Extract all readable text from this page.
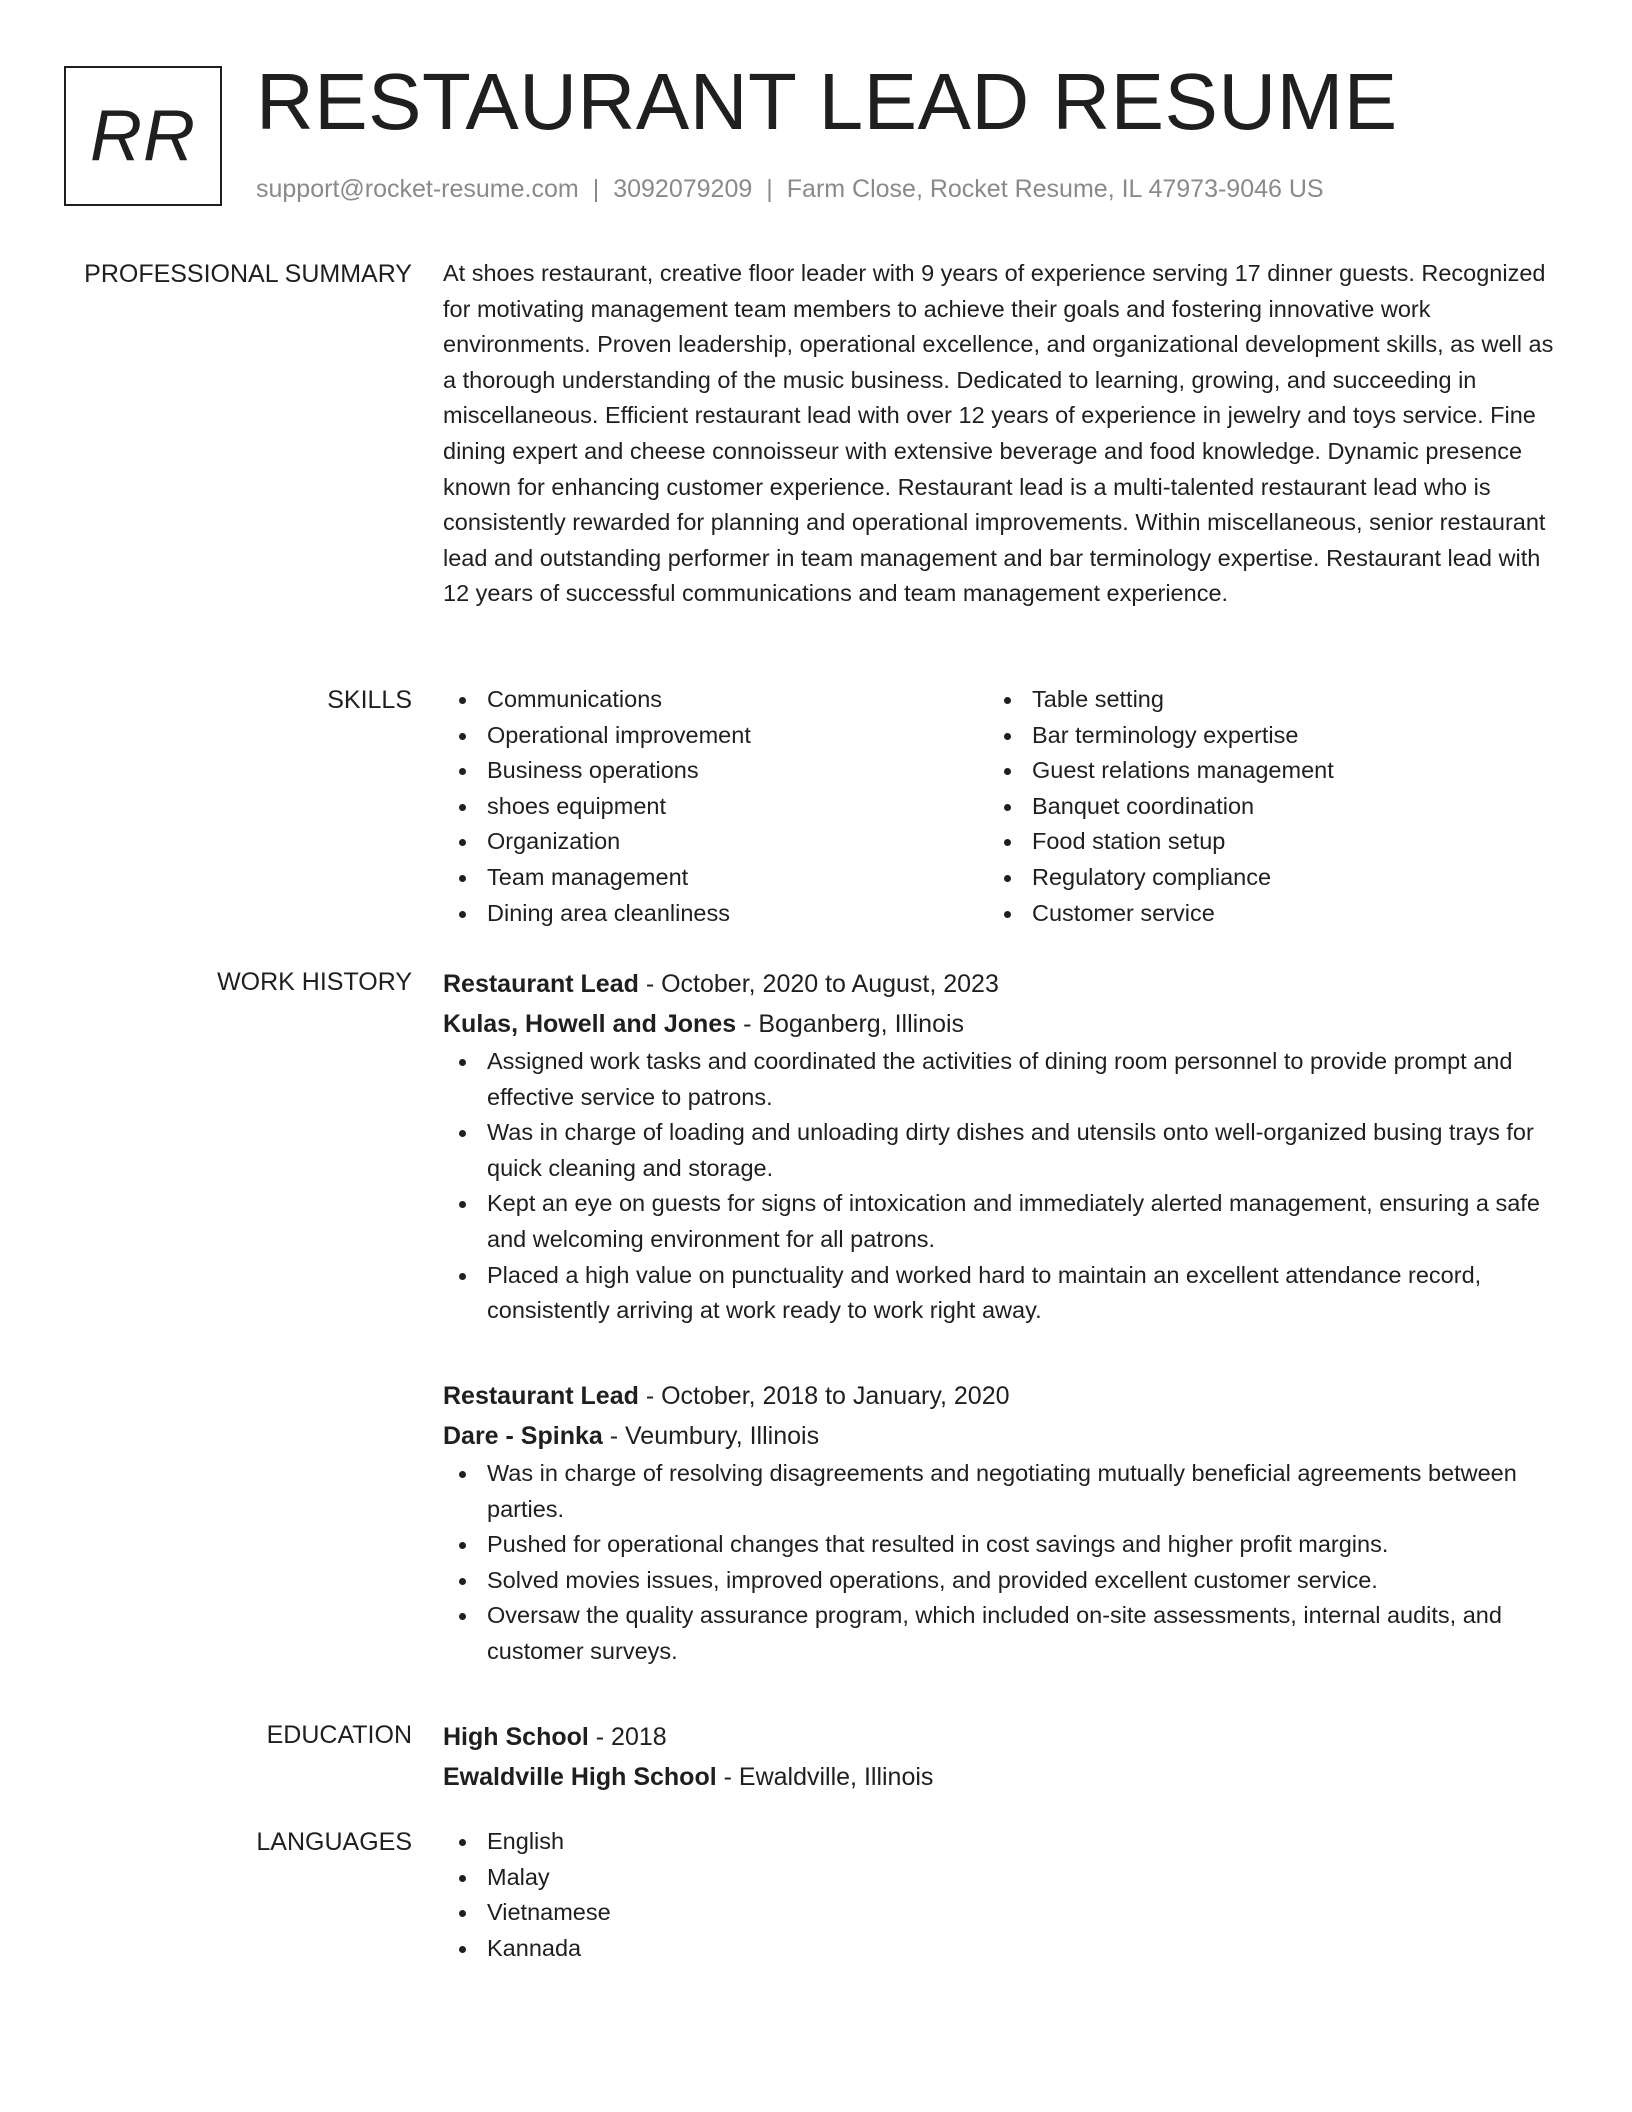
RR RESTAURANT LEAD RESUME
support@rocket-resume.com | 3092079209 | Farm Close, Rocket Resume, IL 47973-9046 US
PROFESSIONAL SUMMARY At shoes restaurant, creative floor leader with 9 years of experience serving 17 dinner guests. Recognized for motivating management team members to achieve their goals and fostering innovative work environments. Proven leadership, operational excellence, and organizational development skills, as well as a thorough understanding of the music business. Dedicated to learning, growing, and succeeding in miscellaneous. Efficient restaurant lead with over 12 years of experience in jewelry and toys service. Fine dining expert and cheese connoisseur with extensive beverage and food knowledge. Dynamic presence known for enhancing customer experience. Restaurant lead is a multi-talented restaurant lead who is consistently rewarded for planning and operational improvements. Within miscellaneous, senior restaurant lead and outstanding performer in team management and bar terminology expertise. Restaurant lead with 12 years of successful communications and team management experience.

SKILLS	Communications
Operational improvement
Business operations
shoes equipment
Organization
Team management
Dining area cleanliness
Table setting
Bar terminology expertise
Guest relations management
Banquet coordination
Food station setup
Regulatory compliance
Customer service
WORK HISTORY Restaurant Lead - October, 2020 to August, 2023
Kulas, Howell and Jones - Boganberg, Illinois
Assigned work tasks and coordinated the activities of dining room personnel to provide prompt and effective service to patrons.
Was in charge of loading and unloading dirty dishes and utensils onto well-organized busing trays for quick cleaning and storage.
Kept an eye on guests for signs of intoxication and immediately alerted management, ensuring a safe and welcoming environment for all patrons.
Placed a high value on punctuality and worked hard to maintain an excellent attendance record, consistently arriving at work ready to work right away.
Restaurant Lead - October, 2018 to January, 2020
Dare - Spinka - Veumbury, Illinois
Was in charge of resolving disagreements and negotiating mutually beneficial agreements between parties.
Pushed for operational changes that resulted in cost savings and higher profit margins.
Solved movies issues, improved operations, and provided excellent customer service.
Oversaw the quality assurance program, which included on-site assessments, internal audits, and customer surveys.
EDUCATION High School - 2018
Ewaldville High School - Ewaldville, Illinois
LANGUAGES	English
Malay
Vietnamese
Kannada
